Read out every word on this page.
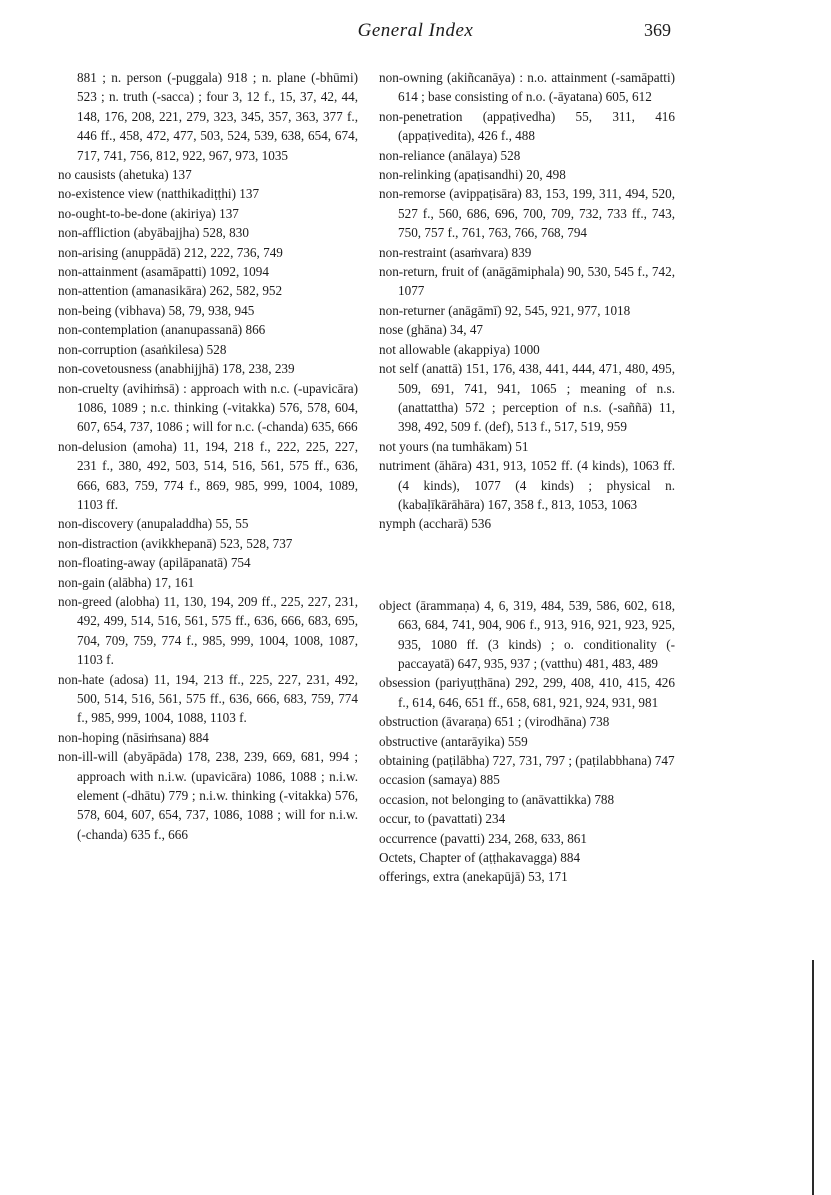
General Index	369

881 ; n. person (-puggala) 918 ; n. plane (-bhūmi) 523 ; n. truth (-sacca) ; four 3, 12 f., 15, 37, 42, 44, 148, 176, 208, 221, 279, 323, 345, 357, 363, 377 f., 446 ff., 458, 472, 477, 503, 524, 539, 638, 654, 674, 717, 741, 756, 812, 922, 967, 973, 1035

no causists (ahetuka) 137

no-existence view (natthikadiṭṭhi) 137

no-ought-to-be-done (akiriya) 137

non-affliction (abyābajjha) 528, 830

non-arising (anuppādā) 212, 222, 736, 749

non-attainment (asamāpatti) 1092, 1094

non-attention (amanasikāra) 262, 582, 952

non-being (vibhava) 58, 79, 938, 945

non-contemplation (ananupassanā) 866

non-corruption (asaṅkilesa) 528

non-covetousness (anabhijjhā) 178, 238, 239

non-cruelty (avihiṁsā) : approach with n.c. (-upavicāra) 1086, 1089 ; n.c. thinking (-vitakka) 576, 578, 604, 607, 654, 737, 1086 ; will for n.c. (-chanda) 635, 666

non-delusion (amoha) 11, 194, 218 f., 222, 225, 227, 231 f., 380, 492, 503, 514, 516, 561, 575 ff., 636, 666, 683, 759, 774 f., 869, 985, 999, 1004, 1089, 1103 ff.

non-discovery (anupaladdha) 55, 55

non-distraction (avikkhepanā) 523, 528, 737

non-floating-away (apilāpanatā) 754

non-gain (alābha) 17, 161

non-greed (alobha) 11, 130, 194, 209 ff., 225, 227, 231, 492, 499, 514, 516, 561, 575 ff., 636, 666, 683, 695, 704, 709, 759, 774 f., 985, 999, 1004, 1008, 1087, 1103 f.

non-hate (adosa) 11, 194, 213 ff., 225, 227, 231, 492, 500, 514, 516, 561, 575 ff., 636, 666, 683, 759, 774 f., 985, 999, 1004, 1088, 1103 f.

non-hoping (nāsiṁsana) 884

non-ill-will (abyāpāda) 178, 238, 239, 669, 681, 994 ; approach with n.i.w. (upavicāra) 1086, 1088 ; n.i.w. element (-dhātu) 779 ; n.i.w. thinking (-vitakka) 576, 578, 604, 607, 654, 737, 1086, 1088 ; will for n.i.w. (-chanda) 635 f., 666

non-owning (akiñcanāya) : n.o. attainment (-samāpatti) 614 ; base consisting of n.o. (-āyatana) 605, 612

non-penetration (appaṭivedha) 55, 311, 416 (appaṭivedita), 426 f., 488

non-reliance (anālaya) 528

non-relinking (apaṭisandhi) 20, 498

non-remorse (avippaṭisāra) 83, 153, 199, 311, 494, 520, 527 f., 560, 686, 696, 700, 709, 732, 733 ff., 743, 750, 757 f., 761, 763, 766, 768, 794

non-restraint (asaṁvara) 839

non-return, fruit of (anāgāmiphala) 90, 530, 545 f., 742, 1077

non-returner (anāgāmī) 92, 545, 921, 977, 1018

nose (ghāna) 34, 47

not allowable (akappiya) 1000

not self (anattā) 151, 176, 438, 441, 444, 471, 480, 495, 509, 691, 741, 941, 1065 ; meaning of n.s. (anattattha) 572 ; perception of n.s. (-saññā) 11, 398, 492, 509 f. (def), 513 f., 517, 519, 959

not yours (na tumhākam) 51

nutriment (āhāra) 431, 913, 1052 ff. (4 kinds), 1063 ff. (4 kinds), 1077 (4 kinds) ; physical n. (kabaḷīkārāhāra) 167, 358 f., 813, 1053, 1063

nymph (accharā) 536

object (ārammaṇa) 4, 6, 319, 484, 539, 586, 602, 618, 663, 684, 741, 904, 906 f., 913, 916, 921, 923, 925, 935, 1080 ff. (3 kinds) ; o. conditionality (-paccayatā) 647, 935, 937 ; (vatthu) 481, 483, 489

obsession (pariyuṭṭhāna) 292, 299, 408, 410, 415, 426 f., 614, 646, 651 ff., 658, 681, 921, 924, 931, 981

obstruction (āvaraṇa) 651 ; (virodhāna) 738

obstructive (antarāyika) 559

obtaining (paṭilābha) 727, 731, 797 ; (paṭilabbhana) 747

occasion (samaya) 885

occasion, not belonging to (anāvattikka) 788

occur, to (pavattati) 234

occurrence (pavatti) 234, 268, 633, 861

Octets, Chapter of (aṭṭhakavagga) 884

offerings, extra (anekapūjā) 53, 171
